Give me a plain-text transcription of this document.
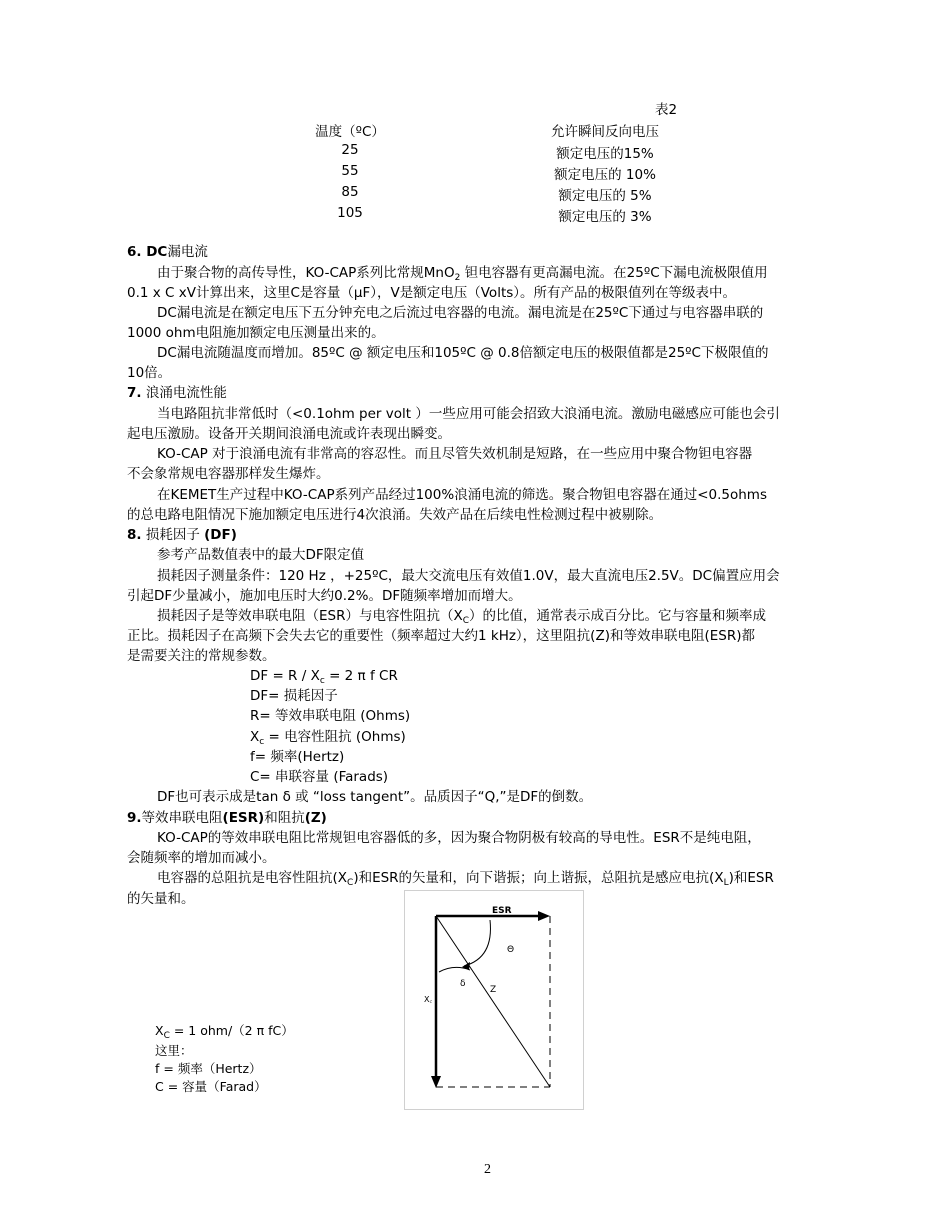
表2
温度（ºC）	允许瞬间反向电压
25	额定电压的15%
55	额定电压的 10%
85	额定电压的 5%
105	额定电压的 3%
6. DC漏电流
由于聚合物的高传导性，KO-CAP系列比常规MnO$_2$ 钽电容器有更高漏电流。在25ºC下漏电流极限值用
0.1 x C xV计算出来，这里C是容量（μF），V是额定电压（Volts）。所有产品的极限值列在等级表中。
DC漏电流是在额定电压下五分钟充电之后流过电容器的电流。漏电流是在25ºC下通过与电容器串联的
1000 ohm电阻施加额定电压测量出来的。
DC漏电流随温度而增加。85ºC @ 额定电压和105ºC @ 0.8倍额定电压的极限值都是25ºC下极限值的
10倍。
7. 浪涌电流性能
当电路阻抗非常低时（<0.1ohm per volt ）一些应用可能会招致大浪涌电流。激励电磁感应可能也会引
起电压激励。设备开关期间浪涌电流或许表现出瞬变。
KO-CAP 对于浪涌电流有非常高的容忍性。而且尽管失效机制是短路，在一些应用中聚合物钽电容器
不会象常规电容器那样发生爆炸。
在KEMET生产过程中KO-CAP系列产品经过100%浪涌电流的筛选。聚合物钽电容器在通过<0.5ohms
的总电路电阻情况下施加额定电压进行4次浪涌。失效产品在后续电性检测过程中被剔除。
8. 损耗因子 (DF)
参考产品数值表中的最大DF限定值
损耗因子测量条件：120 Hz ，+25ºC，最大交流电压有效值1.0V，最大直流电压2.5V。DC偏置应用会
引起DF少量减小，施加电压时大约0.2%。DF随频率增加而增大。
损耗因子是等效串联电阻（ESR）与电容性阻抗$(X_C)$的比值，通常表示成百分比。它与容量和频率成
正比。损耗因子在高频下会失去它的重要性（频率超过大约1 kHz），这里阻抗(Z)和等效串联电阻(ESR)都
是需要关注的常规参数。
DF = $R / X_c = 2$ π f CR
DF= 损耗因子
R= 等效串联电阻 (Ohms)
$X_c$ = 电容性阻抗 (Ohms)
f= 频率(Hertz)
C= 串联容量 (Farads)
DF也可表示成是tan δ 或 “loss tangent”。品质因子“Q,”是DF的倒数。
9.等效串联电阻(ESR)和阻抗(Z)
KO-CAP的等效串联电阻比常规钽电容器低的多，因为聚合物阴极有较高的导电性。ESR不是纯电阻，
会随频率的增加而减小。
电容器的总阻抗是电容性阻抗$(X_C)$和ESR的矢量和，向下谐振；向上谐振，总阻抗是感应电抗$(X_L)$和ESR
的矢量和。
$X_C = 1$ ohm/（2 π fC）
这里：
f = 频率（Hertz）
C = 容量（Farad）
ESR
Θ
δ
Z
X꜀
2
